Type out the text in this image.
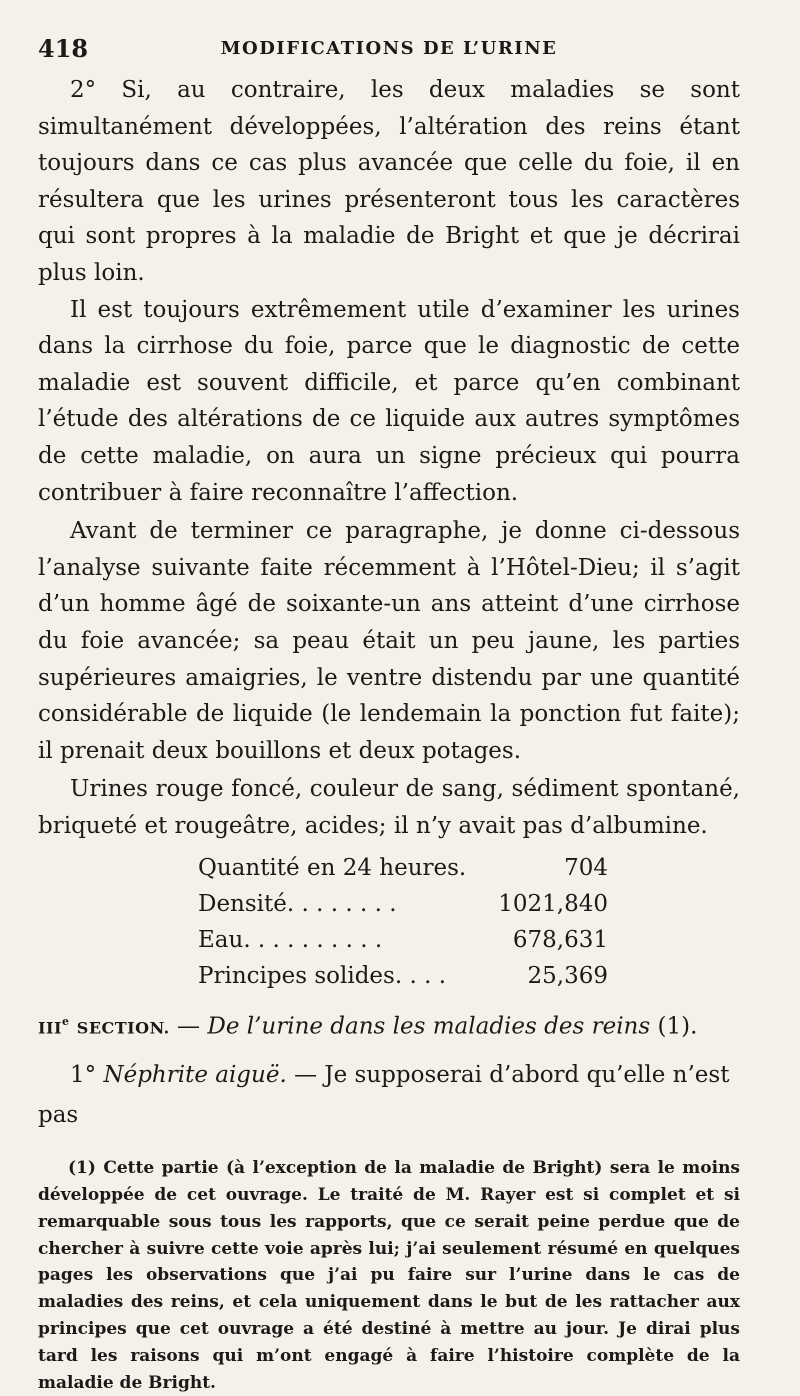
418	MODIFICATIONS DE L’URINE

2° Si, au contraire, les deux maladies se sont simultanément développées, l’altération des reins étant toujours dans ce cas plus avancée que celle du foie, il en résultera que les urines présenteront tous les caractères qui sont propres à la maladie de Bright et que je décrirai plus loin.

Il est toujours extrêmement utile d’examiner les urines dans la cirrhose du foie, parce que le diagnostic de cette maladie est souvent difficile, et parce qu’en combinant l’étude des altérations de ce liquide aux autres symptômes de cette maladie, on aura un signe précieux qui pourra contribuer à faire reconnaître l’affection.

Avant de terminer ce paragraphe, je donne ci-dessous l’analyse suivante faite récemment à l’Hôtel-Dieu; il s’agit d’un homme âgé de soixante-un ans atteint d’une cirrhose du foie avancée; sa peau était un peu jaune, les parties supérieures amaigries, le ventre distendu par une quantité considérable de liquide (le lendemain la ponction fut faite); il prenait deux bouillons et deux potages.

Urines rouge foncé, couleur de sang, sédiment spontané, briqueté et rougeâtre, acides; il n’y avait pas d’albumine.

Quantité en 24 heures.	704
Densité. . . . . . . .	1021,840
Eau. . . . . . . . . .	678,631
Principes solides. . . .	25,369
IIIe SECTION. — De l’urine dans les maladies des reins (1).
1° Néphrite aiguë. — Je supposerai d’abord qu’elle n’est pas

(1) Cette partie (à l’exception de la maladie de Bright) sera le moins développée de cet ouvrage. Le traité de M. Rayer est si complet et si remarquable sous tous les rapports, que ce serait peine perdue que de chercher à suivre cette voie après lui; j’ai seulement résumé en quelques pages les observations que j’ai pu faire sur l’urine dans le cas de maladies des reins, et cela uniquement dans le but de les rattacher aux principes que cet ouvrage a été destiné à mettre au jour. Je dirai plus tard les raisons qui m’ont engagé à faire l’histoire complète de la maladie de Bright.
